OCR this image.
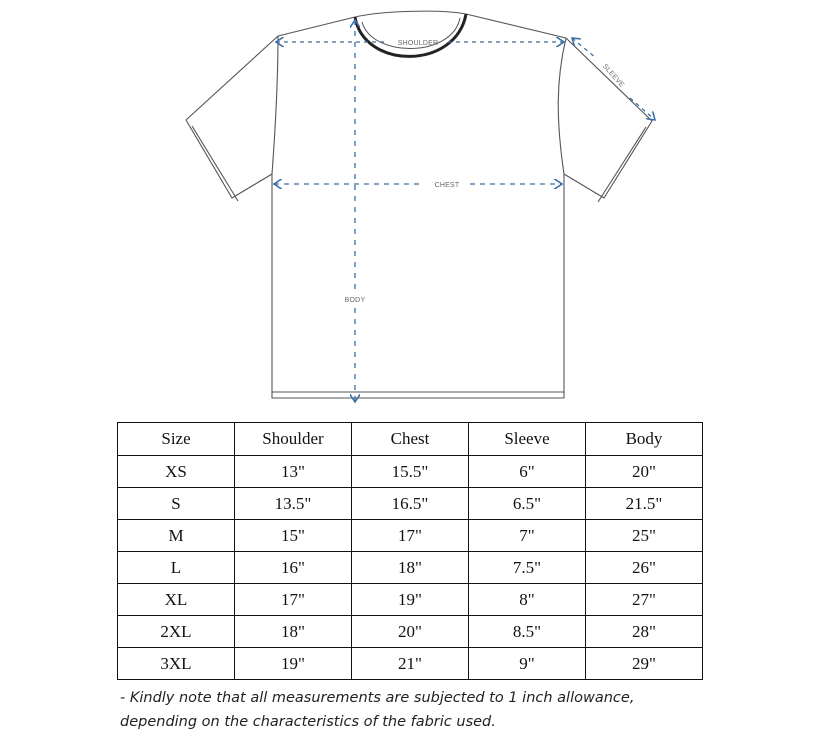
SHOULDER
SLEEVE
CHEST
BODY
Size	Shoulder	Chest	Sleeve	Body
XS	13"	15.5"	6"	20"
S	13.5"	16.5"	6.5"	21.5"
M	15"	17"	7"	25"
L	16"	18"	7.5"	26"
XL	17"	19"	8"	27"
2XL	18"	20"	8.5"	28"
3XL	19"	21"	9"	29"
- Kindly note that all measurements are subjected to 1 inch allowance,
depending on the characteristics of the fabric used.
